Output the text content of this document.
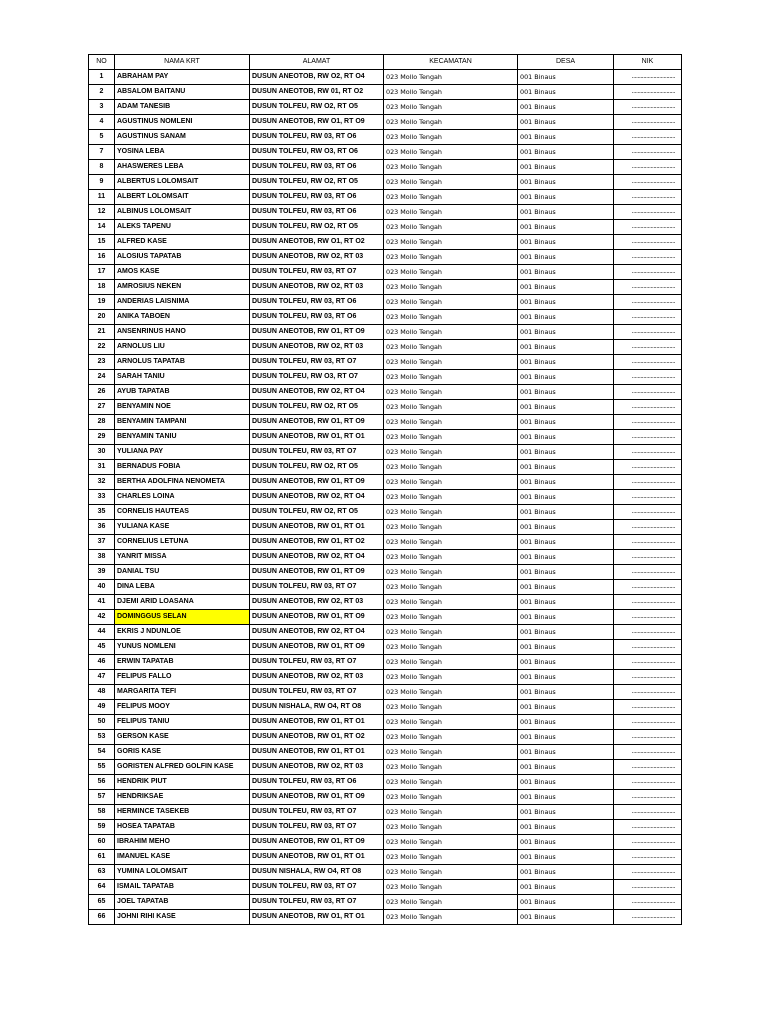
NO	NAMA KRT	ALAMAT	KECAMATAN	DESA	NIK
1	ABRAHAM PAY	DUSUN ANEOTOB, RW O2, RT O4	023 Mollo Tengah	001 Binaus	..............................
2	ABSALOM BAITANU	DUSUN ANEOTOB, RW 01, RT O2	023 Mollo Tengah	001 Binaus	..............................
3	ADAM TANESIB	DUSUN TOLFEU, RW O2, RT O5	023 Mollo Tengah	001 Binaus	..............................
4	AGUSTINUS NOMLENI	DUSUN ANEOTOB, RW O1, RT O9	023 Mollo Tengah	001 Binaus	..............................
5	AGUSTINUS SANAM	DUSUN TOLFEU, RW 03, RT O6	023 Mollo Tengah	001 Binaus	..............................
7	YOSINA LEBA	DUSUN TOLFEU, RW O3, RT O6	023 Mollo Tengah	001 Binaus	..............................
8	AHASWERES LEBA	DUSUN TOLFEU, RW 03, RT O6	023 Mollo Tengah	001 Binaus	..............................
9	ALBERTUS LOLOMSAIT	DUSUN TOLFEU, RW O2, RT O5	023 Mollo Tengah	001 Binaus	..............................
11	ALBERT LOLOMSAIT	DUSUN TOLFEU, RW 03, RT O6	023 Mollo Tengah	001 Binaus	..............................
12	ALBINUS LOLOMSAIT	DUSUN TOLFEU, RW 03, RT O6	023 Mollo Tengah	001 Binaus	..............................
14	ALEKS TAPENU	DUSUN TOLFEU, RW O2, RT O5	023 Mollo Tengah	001 Binaus	..............................
15	ALFRED KASE	DUSUN ANEOTOB, RW O1, RT O2	023 Mollo Tengah	001 Binaus	..............................
16	ALOSIUS TAPATAB	DUSUN ANEOTOB, RW O2, RT 03	023 Mollo Tengah	001 Binaus	..............................
17	AMOS KASE	DUSUN TOLFEU, RW 03, RT O7	023 Mollo Tengah	001 Binaus	..............................
18	AMROSIUS NEKEN	DUSUN ANEOTOB, RW O2, RT 03	023 Mollo Tengah	001 Binaus	..............................
19	ANDERIAS LAISNIMA	DUSUN TOLFEU, RW 03, RT O6	023 Mollo Tengah	001 Binaus	..............................
20	ANIKA TABOEN	DUSUN TOLFEU, RW 03, RT O6	023 Mollo Tengah	001 Binaus	..............................
21	ANSENRINUS HANO	DUSUN ANEOTOB, RW O1, RT O9	023 Mollo Tengah	001 Binaus	..............................
22	ARNOLUS LIU	DUSUN ANEOTOB, RW O2, RT 03	023 Mollo Tengah	001 Binaus	..............................
23	ARNOLUS TAPATAB	DUSUN TOLFEU, RW 03, RT O7	023 Mollo Tengah	001 Binaus	..............................
24	SARAH TANIU	DUSUN TOLFEU, RW O3, RT O7	023 Mollo Tengah	001 Binaus	..............................
26	AYUB TAPATAB	DUSUN ANEOTOB, RW O2, RT O4	023 Mollo Tengah	001 Binaus	..............................
27	BENYAMIN NOE	DUSUN TOLFEU, RW O2, RT O5	023 Mollo Tengah	001 Binaus	..............................
28	BENYAMIN TAMPANI	DUSUN ANEOTOB, RW O1, RT O9	023 Mollo Tengah	001 Binaus	..............................
29	BENYAMIN TANIU	DUSUN ANEOTOB, RW O1, RT O1	023 Mollo Tengah	001 Binaus	..............................
30	YULIANA PAY	DUSUN TOLFEU, RW 03, RT O7	023 Mollo Tengah	001 Binaus	..............................
31	BERNADUS FOBIA	DUSUN TOLFEU, RW O2, RT O5	023 Mollo Tengah	001 Binaus	..............................
32	BERTHA ADOLFINA NENOMETA	DUSUN ANEOTOB, RW O1, RT O9	023 Mollo Tengah	001 Binaus	..............................
33	CHARLES LOINA	DUSUN ANEOTOB, RW O2, RT O4	023 Mollo Tengah	001 Binaus	..............................
35	CORNELIS HAUTEAS	DUSUN TOLFEU, RW O2, RT O5	023 Mollo Tengah	001 Binaus	..............................
36	YULIANA KASE	DUSUN ANEOTOB, RW O1, RT O1	023 Mollo Tengah	001 Binaus	..............................
37	CORNELIUS LETUNA	DUSUN ANEOTOB, RW O1, RT O2	023 Mollo Tengah	001 Binaus	..............................
38	YANRIT MISSA	DUSUN ANEOTOB, RW O2, RT O4	023 Mollo Tengah	001 Binaus	..............................
39	DANIAL TSU	DUSUN ANEOTOB, RW O1, RT O9	023 Mollo Tengah	001 Binaus	..............................
40	DINA LEBA	DUSUN TOLFEU, RW 03, RT O7	023 Mollo Tengah	001 Binaus	..............................
41	DJEMI ARID LOASANA	DUSUN ANEOTOB, RW O2, RT 03	023 Mollo Tengah	001 Binaus	..............................
42	DOMINGGUS SELAN	DUSUN ANEOTOB, RW O1, RT O9	023 Mollo Tengah	001 Binaus	..............................
44	EKRIS J NDUNLOE	DUSUN ANEOTOB, RW O2, RT O4	023 Mollo Tengah	001 Binaus	..............................
45	YUNUS NOMLENI	DUSUN ANEOTOB, RW O1, RT O9	023 Mollo Tengah	001 Binaus	..............................
46	ERWIN TAPATAB	DUSUN TOLFEU, RW 03, RT O7	023 Mollo Tengah	001 Binaus	..............................
47	FELIPUS FALLO	DUSUN ANEOTOB, RW O2, RT 03	023 Mollo Tengah	001 Binaus	..............................
48	MARGARITA TEFI	DUSUN TOLFEU, RW 03, RT O7	023 Mollo Tengah	001 Binaus	..............................
49	FELIPUS MOOY	DUSUN NISHALA, RW O4, RT O8	023 Mollo Tengah	001 Binaus	..............................
50	FELIPUS TANIU	DUSUN ANEOTOB, RW O1, RT O1	023 Mollo Tengah	001 Binaus	..............................
53	GERSON KASE	DUSUN ANEOTOB, RW O1, RT O2	023 Mollo Tengah	001 Binaus	..............................
54	GORIS KASE	DUSUN ANEOTOB, RW O1, RT O1	023 Mollo Tengah	001 Binaus	..............................
55	GORISTEN ALFRED GOLFIN KASE	DUSUN ANEOTOB, RW O2, RT 03	023 Mollo Tengah	001 Binaus	..............................
56	HENDRIK PIUT	DUSUN TOLFEU, RW 03, RT O6	023 Mollo Tengah	001 Binaus	..............................
57	HENDRIKSAE	DUSUN ANEOTOB, RW O1, RT O9	023 Mollo Tengah	001 Binaus	..............................
58	HERMINCE TASEKEB	DUSUN TOLFEU, RW 03, RT O7	023 Mollo Tengah	001 Binaus	..............................
59	HOSEA TAPATAB	DUSUN TOLFEU, RW 03, RT O7	023 Mollo Tengah	001 Binaus	..............................
60	IBRAHIM MEHO	DUSUN ANEOTOB, RW O1, RT O9	023 Mollo Tengah	001 Binaus	..............................
61	IMANUEL KASE	DUSUN ANEOTOB, RW O1, RT O1	023 Mollo Tengah	001 Binaus	..............................
63	YUMINA LOLOMSAIT	DUSUN NISHALA, RW O4, RT O8	023 Mollo Tengah	001 Binaus	..............................
64	ISMAIL TAPATAB	DUSUN TOLFEU, RW 03, RT O7	023 Mollo Tengah	001 Binaus	..............................
65	JOEL TAPATAB	DUSUN TOLFEU, RW 03, RT O7	023 Mollo Tengah	001 Binaus	..............................
66	JOHNI RIHI KASE	DUSUN ANEOTOB, RW O1, RT O1	023 Mollo Tengah	001 Binaus	..............................
